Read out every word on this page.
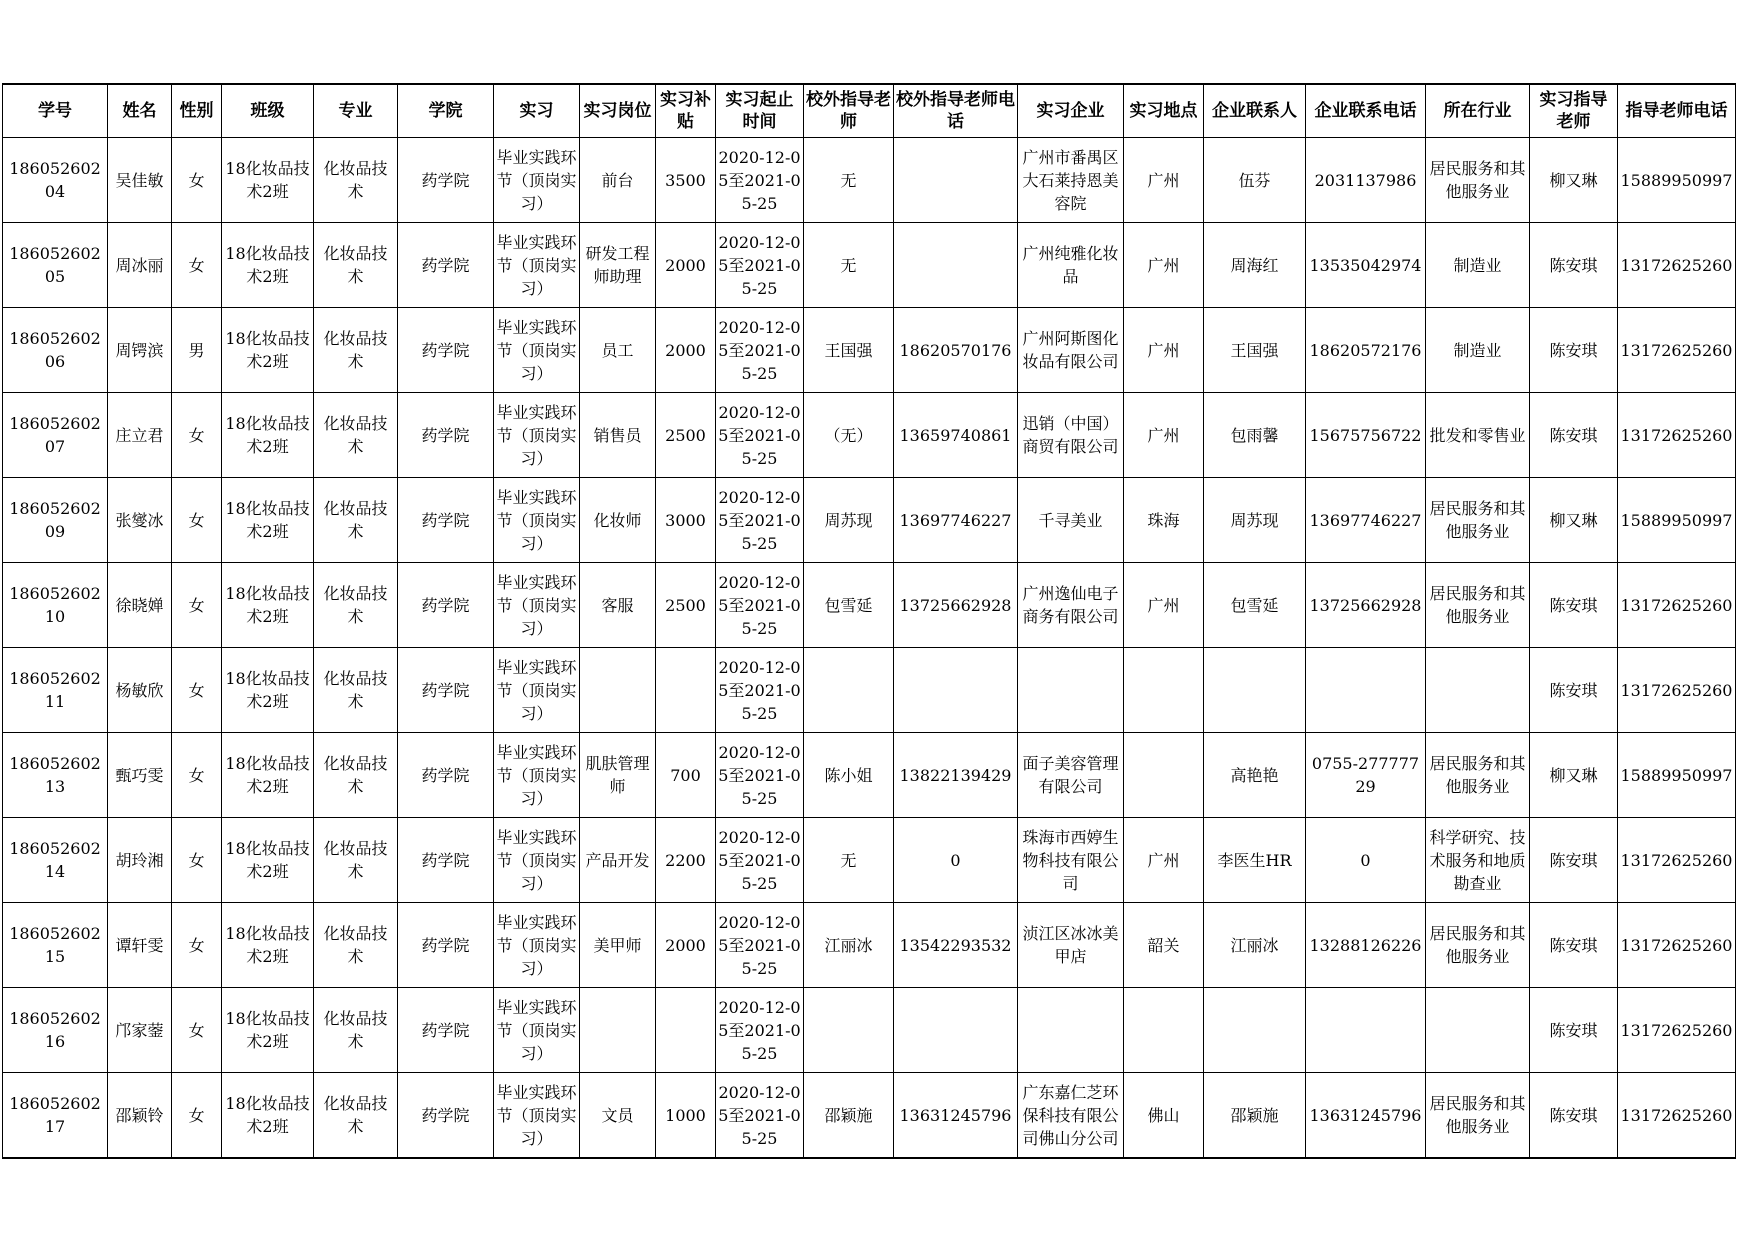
学号	姓名	性别	班级	专业	学院	实习	实习岗位	实习补贴	实习起止时间	校外指导老师	校外指导老师电话	实习企业	实习地点	企业联系人	企业联系电话	所在行业	实习指导老师	指导老师电话

18605260204	吴佳敏	女	18化妆品技术2班	化妆品技术	药学院	毕业实践环节（顶岗实习）	前台	3500	2020-12-05至2021-05-25	无		广州市番禺区大石莱持恩美容院	广州	伍芬	2031137986	居民服务和其他服务业	柳又琳	15889950997

18605260205	周冰丽	女	18化妆品技术2班	化妆品技术	药学院	毕业实践环节（顶岗实习）	研发工程师助理	2000	2020-12-05至2021-05-25	无		广州纯雅化妆品	广州	周海红	13535042974	制造业	陈安琪	13172625260

18605260206	周锷滨	男	18化妆品技术2班	化妆品技术	药学院	毕业实践环节（顶岗实习）	员工	2000	2020-12-05至2021-05-25	王国强	18620570176	广州阿斯图化妆品有限公司	广州	王国强	18620572176	制造业	陈安琪	13172625260

18605260207	庄立君	女	18化妆品技术2班	化妆品技术	药学院	毕业实践环节（顶岗实习）	销售员	2500	2020-12-05至2021-05-25	（无）	13659740861	迅销（中国）商贸有限公司	广州	包雨馨	15675756722	批发和零售业	陈安琪	13172625260

18605260209	张燮冰	女	18化妆品技术2班	化妆品技术	药学院	毕业实践环节（顶岗实习）	化妆师	3000	2020-12-05至2021-05-25	周苏现	13697746227	千寻美业	珠海	周苏现	13697746227	居民服务和其他服务业	柳又琳	15889950997

18605260210	徐晓婵	女	18化妆品技术2班	化妆品技术	药学院	毕业实践环节（顶岗实习）	客服	2500	2020-12-05至2021-05-25	包雪延	13725662928	广州逸仙电子商务有限公司	广州	包雪延	13725662928	居民服务和其他服务业	陈安琪	13172625260

18605260211	杨敏欣	女	18化妆品技术2班	化妆品技术	药学院	毕业实践环节（顶岗实习）			2020-12-05至2021-05-25								陈安琪	13172625260

18605260213	甄巧雯	女	18化妆品技术2班	化妆品技术	药学院	毕业实践环节（顶岗实习）	肌肤管理师	700	2020-12-05至2021-05-25	陈小姐	13822139429	面子美容管理有限公司		高艳艳	0755-27777729	居民服务和其他服务业	柳又琳	15889950997

18605260214	胡玲湘	女	18化妆品技术2班	化妆品技术	药学院	毕业实践环节（顶岗实习）	产品开发	2200	2020-12-05至2021-05-25	无	0	珠海市西婷生物科技有限公司	广州	李医生HR	0	科学研究、技术服务和地质勘查业	陈安琪	13172625260

18605260215	谭轩雯	女	18化妆品技术2班	化妆品技术	药学院	毕业实践环节（顶岗实习）	美甲师	2000	2020-12-05至2021-05-25	江丽冰	13542293532	浈江区冰冰美甲店	韶关	江丽冰	13288126226	居民服务和其他服务业	陈安琪	13172625260

18605260216	邝家蓥	女	18化妆品技术2班	化妆品技术	药学院	毕业实践环节（顶岗实习）			2020-12-05至2021-05-25								陈安琪	13172625260

18605260217	邵颖铃	女	18化妆品技术2班	化妆品技术	药学院	毕业实践环节（顶岗实习）	文员	1000	2020-12-05至2021-05-25	邵颖施	13631245796	广东嘉仁芝环保科技有限公司佛山分公司	佛山	邵颖施	13631245796	居民服务和其他服务业	陈安琪	13172625260
